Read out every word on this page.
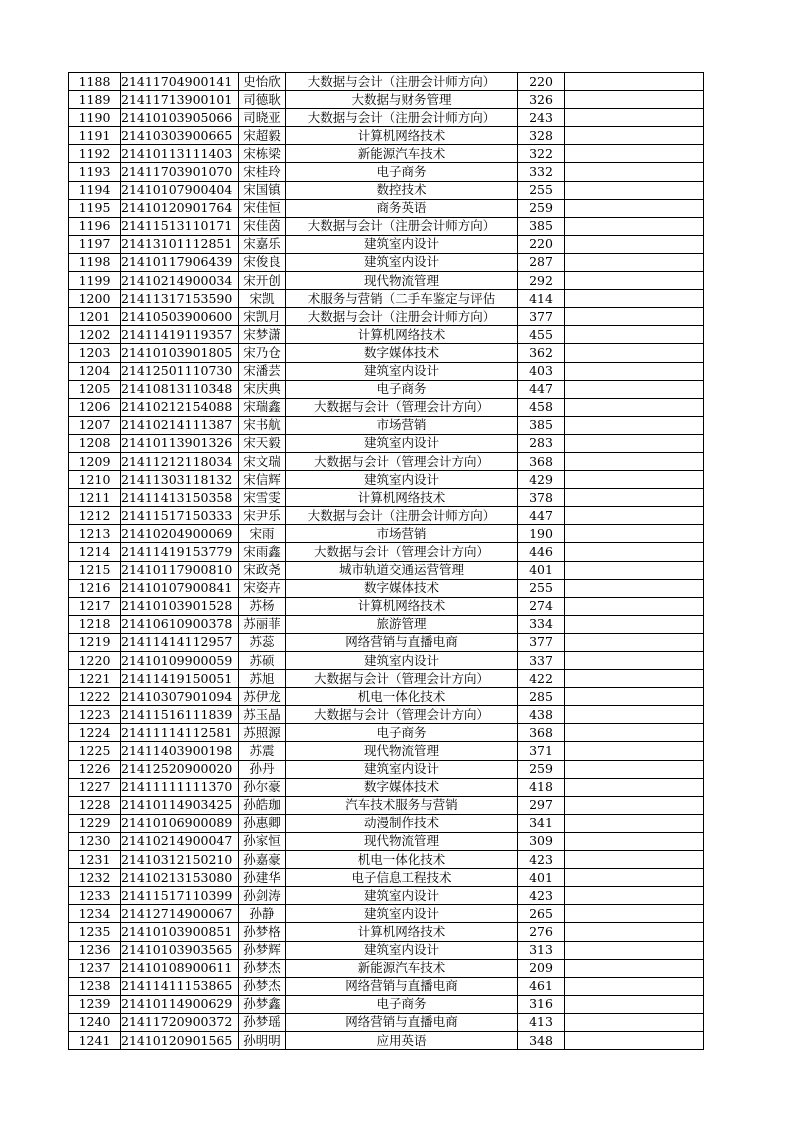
1188	21411704900141	史怡欣	大数据与会计（注册会计师方向）	220	
1189	21411713900101	司德耿	大数据与财务管理	326	
1190	21410103905066	司晓亚	大数据与会计（注册会计师方向）	243	
1191	21410303900665	宋超毅	计算机网络技术	328	
1192	21410113111403	宋栋梁	新能源汽车技术	322	
1193	21411703901070	宋桂玲	电子商务	332	
1194	21410107900404	宋国镇	数控技术	255	
1195	21410120901764	宋佳恒	商务英语	259	
1196	21411513110171	宋佳茵	大数据与会计（注册会计师方向）	385	
1197	21413101112851	宋嘉乐	建筑室内设计	220	
1198	21410117906439	宋俊良	建筑室内设计	287	
1199	21410214900034	宋开创	现代物流管理	292	
1200	21411317153590	宋凯	术服务与营销（二手车鉴定与评估	414	
1201	21410503900600	宋凯月	大数据与会计（注册会计师方向）	377	
1202	21411419119357	宋梦潇	计算机网络技术	455	
1203	21410103901805	宋乃仓	数字媒体技术	362	
1204	21412501110730	宋潘芸	建筑室内设计	403	
1205	21410813110348	宋庆典	电子商务	447	
1206	21410212154088	宋瑞鑫	大数据与会计（管理会计方向）	458	
1207	21410214111387	宋书航	市场营销	385	
1208	21410113901326	宋天毅	建筑室内设计	283	
1209	21411212118034	宋文瑞	大数据与会计（管理会计方向）	368	
1210	21411303118132	宋信辉	建筑室内设计	429	
1211	21411413150358	宋雪雯	计算机网络技术	378	
1212	21411517150333	宋尹乐	大数据与会计（注册会计师方向）	447	
1213	21410204900069	宋雨	市场营销	190	
1214	21411419153779	宋雨鑫	大数据与会计（管理会计方向）	446	
1215	21410117900810	宋政尧	城市轨道交通运营管理	401	
1216	21410107900841	宋姿卉	数字媒体技术	255	
1217	21410103901528	苏杨	计算机网络技术	274	
1218	21410610900378	苏丽菲	旅游管理	334	
1219	21411414112957	苏蕊	网络营销与直播电商	377	
1220	21410109900059	苏硕	建筑室内设计	337	
1221	21411419150051	苏旭	大数据与会计（管理会计方向）	422	
1222	21410307901094	苏伊龙	机电一体化技术	285	
1223	21411516111839	苏玉晶	大数据与会计（管理会计方向）	438	
1224	21411114112581	苏照源	电子商务	368	
1225	21411403900198	苏震	现代物流管理	371	
1226	21412520900020	孙丹	建筑室内设计	259	
1227	21411111111370	孙尔豪	数字媒体技术	418	
1228	21410114903425	孙皓珈	汽车技术服务与营销	297	
1229	21410106900089	孙惠卿	动漫制作技术	341	
1230	21410214900047	孙家恒	现代物流管理	309	
1231	21410312150210	孙嘉豪	机电一体化技术	423	
1232	21410213153080	孙建华	电子信息工程技术	401	
1233	21411517110399	孙剑涛	建筑室内设计	423	
1234	21412714900067	孙静	建筑室内设计	265	
1235	21410103900851	孙梦格	计算机网络技术	276	
1236	21410103903565	孙梦辉	建筑室内设计	313	
1237	21410108900611	孙梦杰	新能源汽车技术	209	
1238	21411411153865	孙梦杰	网络营销与直播电商	461	
1239	21410114900629	孙梦鑫	电子商务	316	
1240	21411720900372	孙梦瑶	网络营销与直播电商	413	
1241	21410120901565	孙明明	应用英语	348	
